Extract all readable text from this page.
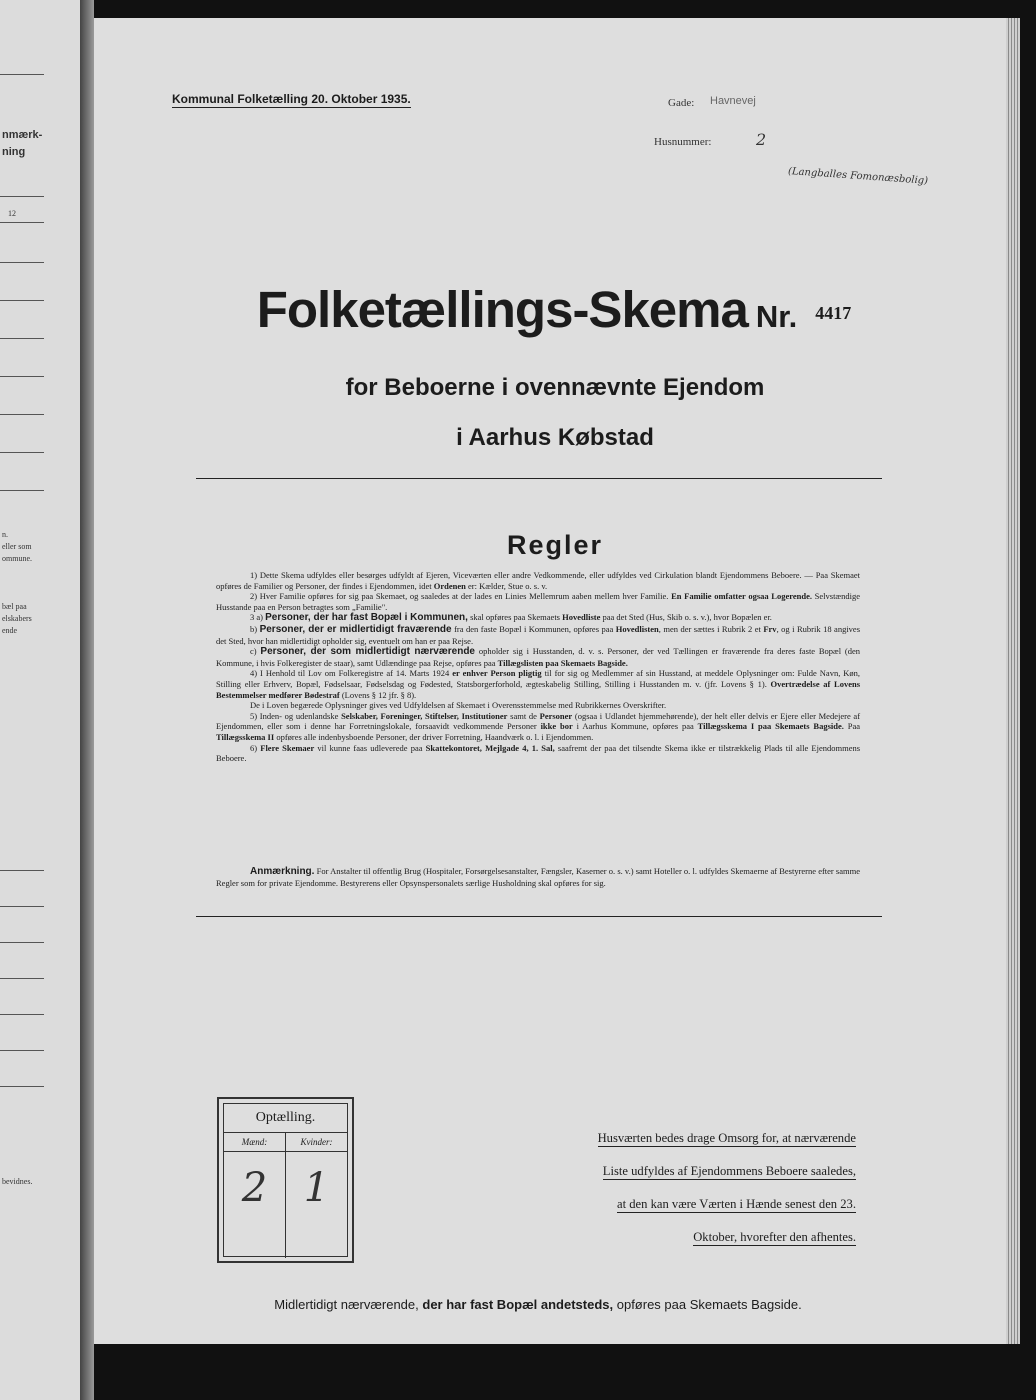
nmærk-
ning
12
n.
eller som
ommune.
bæl paa
elskabers
ende
bevidnes.
Kommunal Folketælling 20. Oktober 1935.	Gade: Havnevej
Husnummer:	2
(Langballes Fomonæsbolig)
Folketællings-Skema Nr. 4417
for Beboerne i ovennævnte Ejendom
i Aarhus Købstad
Regler

1) Dette Skema udfyldes eller besørges udfyldt af Ejeren, Viceværten eller andre Vedkommende, eller udfyldes ved Cirkulation blandt Ejendommens Beboere. — Paa Skemaet opføres de Familier og Personer, der findes i Ejendommen, idet Ordenen er: Kælder, Stue o. s. v.

2) Hver Familie opføres for sig paa Skemaet, og saaledes at der lades en Linies Mellemrum aaben mellem hver Familie. En Familie omfatter ogsaa Logerende. Selvstændige Husstande paa en Person betragtes som „Familie".

3 a) Personer, der har fast Bopæl i Kommunen, skal opføres paa Skemaets Hovedliste paa det Sted (Hus, Skib o. s. v.), hvor Bopælen er.

b) Personer, der er midlertidigt fraværende fra den faste Bopæl i Kommunen, opføres paa Hovedlisten, men der sættes i Rubrik 2 et Frv, og i Rubrik 18 angives det Sted, hvor han midlertidigt opholder sig, eventuelt om han er paa Rejse.

c) Personer, der som midlertidigt nærværende opholder sig i Husstanden, d. v. s. Personer, der ved Tællingen er fraværende fra deres faste Bopæl (den Kommune, i hvis Folkeregister de staar), samt Udlændinge paa Rejse, opføres paa Tillægslisten paa Skemaets Bagside.

4) I Henhold til Lov om Folkeregistre af 14. Marts 1924 er enhver Person pligtig til for sig og Medlemmer af sin Husstand, at meddele Oplysninger om: Fulde Navn, Køn, Stilling eller Erhverv, Bopæl, Fødselsaar, Fødselsdag og Fødested, Statsborgerforhold, ægteskabelig Stilling, Stilling i Husstanden m. v. (jfr. Lovens § 1). Overtrædelse af Lovens Bestemmelser medfører Bødestraf (Lovens § 12 jfr. § 8).

De i Loven begærede Oplysninger gives ved Udfyldelsen af Skemaet i Overensstemmelse med Rubrikkernes Overskrifter.

5) Inden- og udenlandske Selskaber, Foreninger, Stiftelser, Institutioner samt de Personer (ogsaa i Udlandet hjemmehørende), der helt eller delvis er Ejere eller Medejere af Ejendommen, eller som i denne har Forretningslokale, forsaavidt vedkommende Personer ikke bor i Aarhus Kommune, opføres paa Tillægsskema I paa Skemaets Bagside. Paa Tillægsskema II opføres alle indenbysboende Personer, der driver Forretning, Haandværk o. l. i Ejendommen.

6) Flere Skemaer vil kunne faas udleverede paa Skattekontoret, Mejlgade 4, 1. Sal, saafremt der paa det tilsendte Skema ikke er tilstrækkelig Plads til alle Ejendommens Beboere.

Anmærkning. For Anstalter til offentlig Brug (Hospitaler, Forsørgelsesanstalter, Fængsler, Kaserner o. s. v.) samt Hoteller o. l. udfyldes Skemaerne af Bestyrerne efter samme Regler som for private Ejendomme. Bestyrerens eller Opsynspersonalets særlige Husholdning skal opføres for sig.
Optælling.
Mænd:
2
Kvinder:
1
Husværten bedes drage Omsorg for, at nærværende
Liste udfyldes af Ejendommens Beboere saaledes,
at den kan være Værten i Hænde senest den 23.
Oktober, hvorefter den afhentes.
Midlertidigt nærværende, der har fast Bopæl andetsteds, opføres paa Skemaets Bagside.
